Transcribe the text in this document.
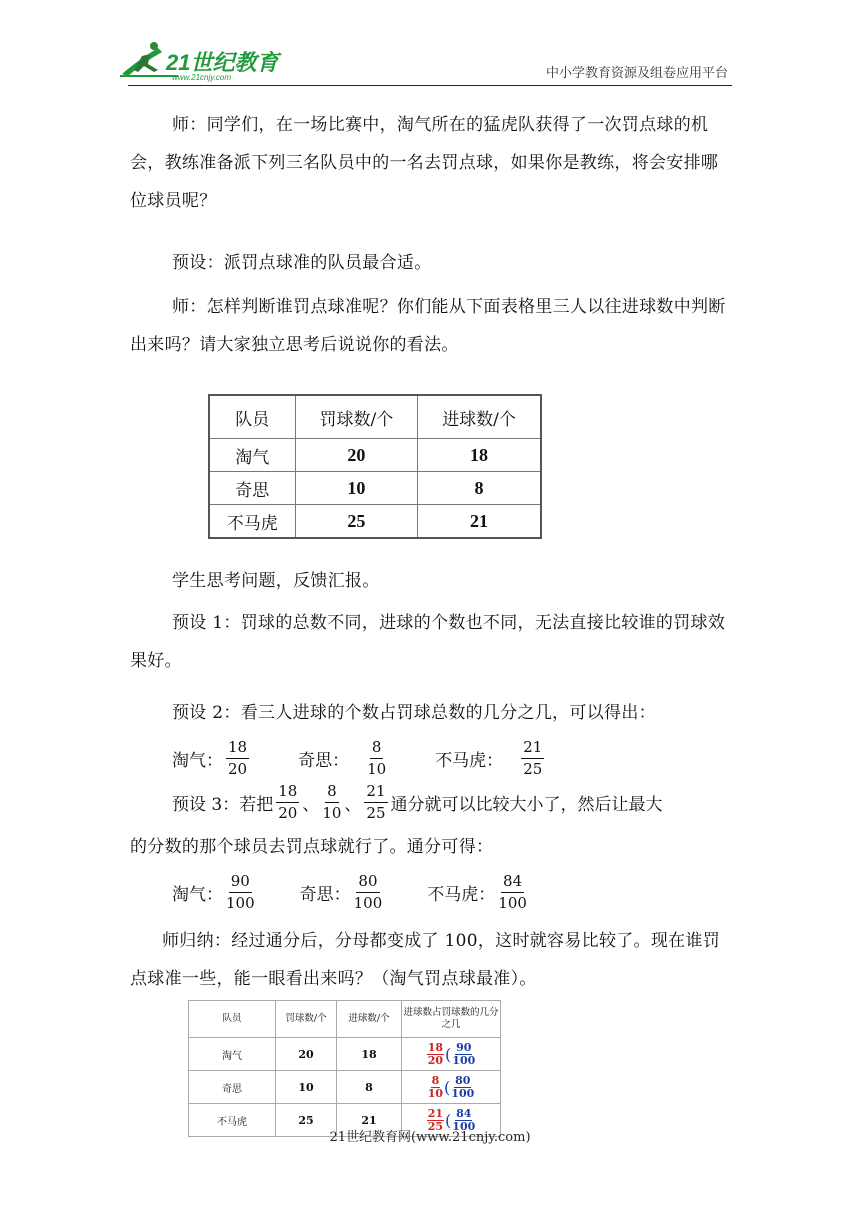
21世纪教育
www.21cnjy.com	中小学教育资源及组卷应用平台

师：同学们，在一场比赛中，淘气所在的猛虎队获得了一次罚点球的机会，教练准备派下列三名队员中的一名去罚点球，如果你是教练，将会安排哪位球员呢？

预设：派罚点球准的队员最合适。

师：怎样判断谁罚点球准呢？你们能从下面表格里三人以往进球数中判断出来吗？请大家独立思考后说说你的看法。

队员	罚球数/个	进球数/个
淘气	20	18
奇思	10	8
不马虎	25	21

学生思考问题，反馈汇报。

预设 1：罚球的总数不同，进球的个数也不同，无法直接比较谁的罚球效果好。

预设 2：看三人进球的个数占罚球总数的几分之几，可以得出：

淘气： $\frac{18}{20}$	奇思： $\frac{8}{10}$	不马虎： $\frac{21}{25}$
预设 3：若把 $\frac{18}{20}$ 、 $\frac{8}{10}$ 、 $\frac{21}{25}$ 通分就可以比较大小了，然后让最大

的分数的那个球员去罚点球就行了。通分可得：

淘气： $\frac{90}{100}$	奇思： $\frac{80}{100}$	不马虎： $\frac{84}{100}$

师归纳：经过通分后，分母都变成了 100，这时就容易比较了。现在谁罚点球准一些，能一眼看出来吗？（淘气罚点球最准）。

队员	罚球数/个	进球数/个	进球数占罚球数的几分之几
淘气	20	18	$\frac{18}{20}$ ( $\frac{90}{100}$

奇思	10	8	$\frac{8}{10}$ ( $\frac{80}{100}$

不马虎	25	21	$\frac{21}{25}$ ( $\frac{84}{100}$
21世纪教育网(www.21cnjy.com)
